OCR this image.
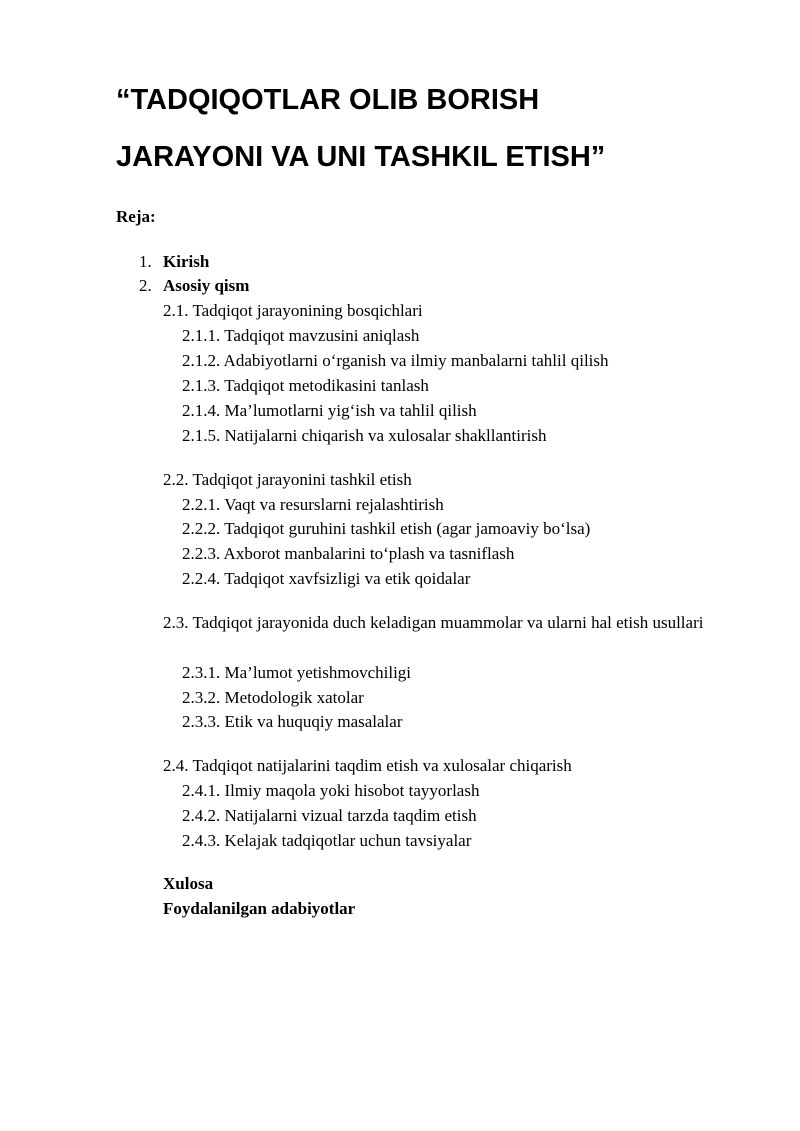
“TADQIQOTLAR OLIB BORISH
JARAYONI VA UNI TASHKIL ETISH”
Reja:
1. Kirish
2. Asosiy qism
2.1. Tadqiqot jarayonining bosqichlari
2.1.1. Tadqiqot mavzusini aniqlash
2.1.2. Adabiyotlarni o‘rganish va ilmiy manbalarni tahlil qilish
2.1.3. Tadqiqot metodikasini tanlash
2.1.4. Ma’lumotlarni yig‘ish va tahlil qilish
2.1.5. Natijalarni chiqarish va xulosalar shakllantirish
2.2. Tadqiqot jarayonini tashkil etish
2.2.1. Vaqt va resurslarni rejalashtirish
2.2.2. Tadqiqot guruhini tashkil etish (agar jamoaviy bo‘lsa)
2.2.3. Axborot manbalarini to‘plash va tasniflash
2.2.4. Tadqiqot xavfsizligi va etik qoidalar
2.3. Tadqiqot jarayonida duch keladigan muammolar va ularni hal etish usullari
2.3.1. Ma’lumot yetishmovchiligi
2.3.2. Metodologik xatolar
2.3.3. Etik va huquqiy masalalar
2.4. Tadqiqot natijalarini taqdim etish va xulosalar chiqarish
2.4.1. Ilmiy maqola yoki hisobot tayyorlash
2.4.2. Natijalarni vizual tarzda taqdim etish
2.4.3. Kelajak tadqiqotlar uchun tavsiyalar
Xulosa
Foydalanilgan adabiyotlar
